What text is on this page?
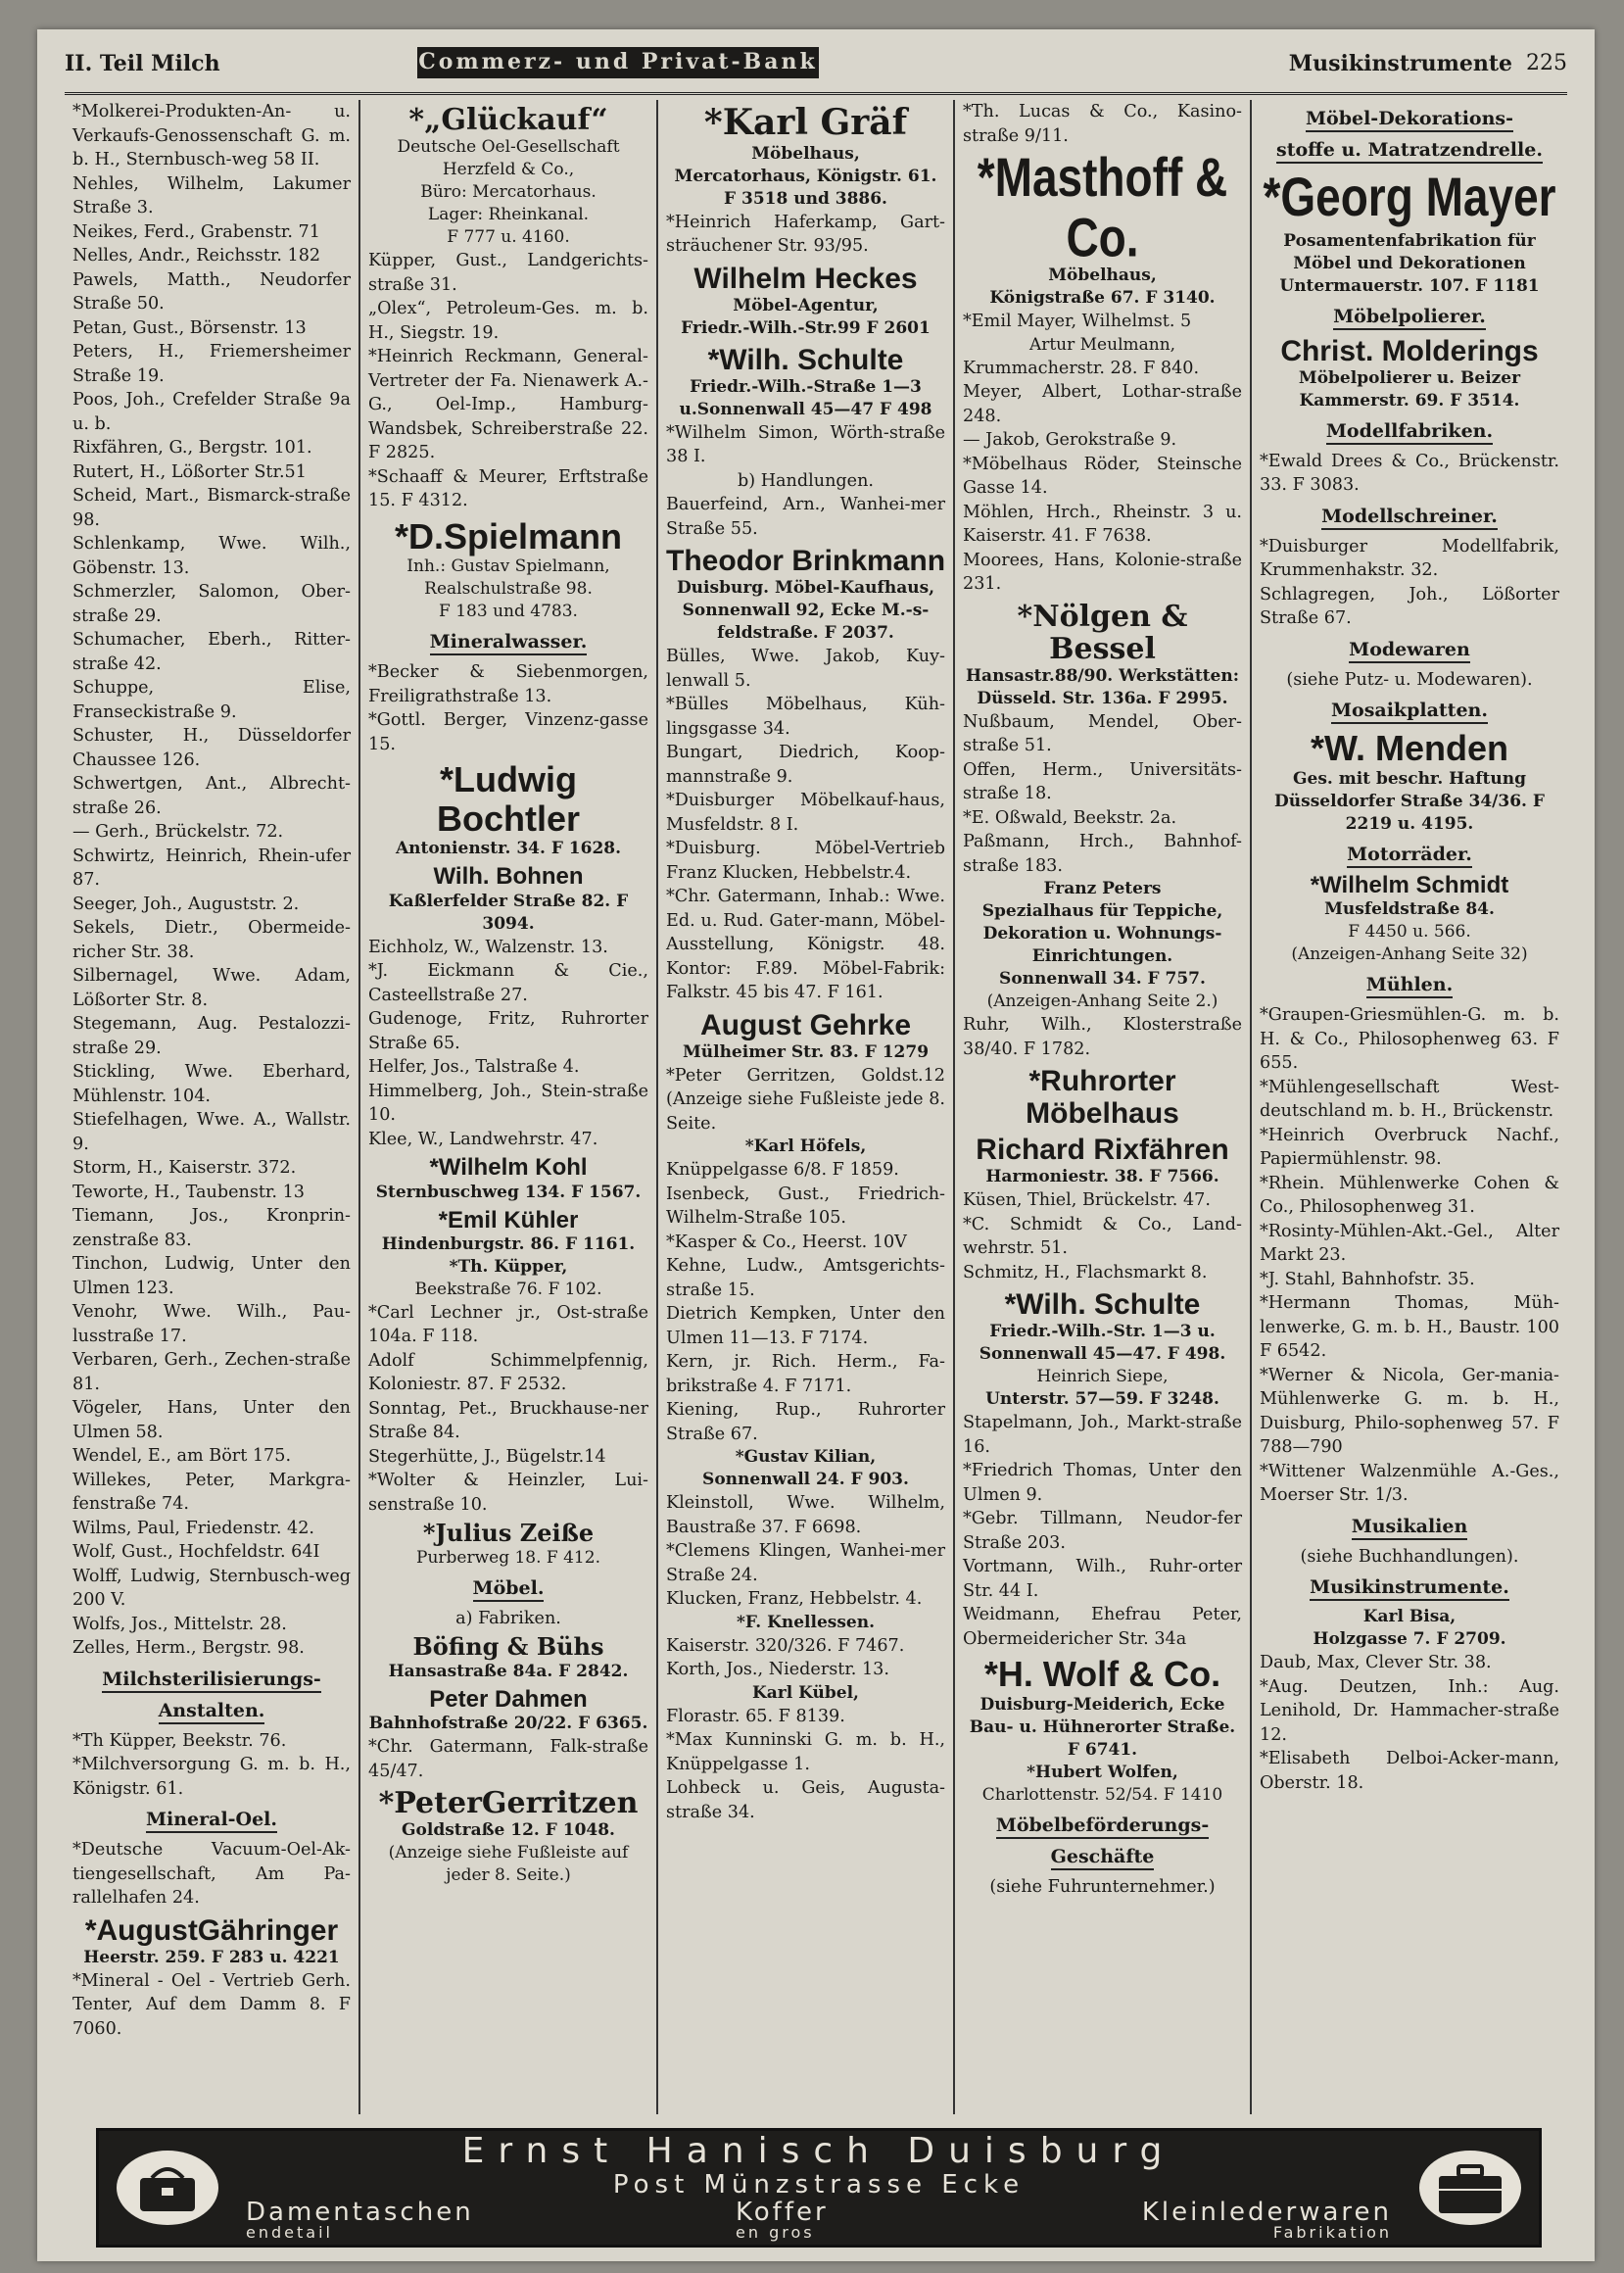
II. Teil Milch	Commerz- und Privat-Bank	Musikinstrumente 225

*Molkerei-Produkten-An- u. Verkaufs-Genossenschaft G. m. b. H., Sternbusch-weg 58 II.

Nehles, Wilhelm, Lakumer Straße 3.

Neikes, Ferd., Grabenstr. 71

Nelles, Andr., Reichsstr. 182

Pawels, Matth., Neudorfer Straße 50.

Petan, Gust., Börsenstr. 13

Peters, H., Friemersheimer Straße 19.

Poos, Joh., Crefelder Straße 9a u. b.

Rixfähren, G., Bergstr. 101.

Rutert, H., Lößorter Str.51

Scheid, Mart., Bismarck-straße 98.

Schlenkamp, Wwe. Wilh., Göbenstr. 13.

Schmerzler, Salomon, Ober-straße 29.

Schumacher, Eberh., Ritter-straße 42.

Schuppe, Elise, Franseckistraße 9.

Schuster, H., Düsseldorfer Chaussee 126.

Schwertgen, Ant., Albrecht-straße 26.

— Gerh., Brückelstr. 72.

Schwirtz, Heinrich, Rhein-ufer 87.

Seeger, Joh., Auguststr. 2.

Sekels, Dietr., Obermeide-richer Str. 38.

Silbernagel, Wwe. Adam, Lößorter Str. 8.

Stegemann, Aug. Pestalozzi-straße 29.

Stickling, Wwe. Eberhard, Mühlenstr. 104.

Stiefelhagen, Wwe. A., Wallstr. 9.

Storm, H., Kaiserstr. 372.

Teworte, H., Taubenstr. 13

Tiemann, Jos., Kronprin-zenstraße 83.

Tinchon, Ludwig, Unter den Ulmen 123.

Venohr, Wwe. Wilh., Pau-lusstraße 17.

Verbaren, Gerh., Zechen-straße 81.

Vögeler, Hans, Unter den Ulmen 58.

Wendel, E., am Bört 175.

Willekes, Peter, Markgra-fenstraße 74.

Wilms, Paul, Friedenstr. 42.

Wolf, Gust., Hochfeldstr. 64I

Wolff, Ludwig, Sternbusch-weg 200 V.

Wolfs, Jos., Mittelstr. 28.

Zelles, Herm., Bergstr. 98.

Milchsterilisierungs-
Anstalten.

*Th Küpper, Beekstr. 76.

*Milchversorgung G. m. b. H., Königstr. 61.

Mineral-Oel.

*Deutsche Vacuum-Oel-Ak-tiengesellschaft, Am Pa-rallelhafen 24.

*AugustGähringer

Heerstr. 259. F 283 u. 4221

*Mineral - Oel - Vertrieb Gerh. Tenter, Auf dem Damm 8. F 7060.

*„Glückauf“

Deutsche Oel-Gesellschaft

Herzfeld & Co.,

Büro: Mercatorhaus.

Lager: Rheinkanal.

F 777 u. 4160.

Küpper, Gust., Landgerichts-straße 31.

„Olex“, Petroleum-Ges. m. b. H., Siegstr. 19.

*Heinrich Reckmann, General-Vertreter der Fa. Nienawerk A.-G., Oel-Imp., Hamburg-Wandsbek, Schreiberstraße 22. F 2825.

*Schaaff & Meurer, Erftstraße 15. F 4312.

*D.Spielmann

Inh.: Gustav Spielmann, Realschulstraße 98.

F 183 und 4783.

Mineralwasser.

*Becker & Siebenmorgen, Freiligrathstraße 13.

*Gottl. Berger, Vinzenz-gasse 15.

*Ludwig Bochtler

Antonienstr. 34. F 1628.

Wilh. Bohnen

Kaßlerfelder Straße 82. F 3094.

Eichholz, W., Walzenstr. 13.

*J. Eickmann & Cie., Casteellstraße 27.

Gudenoge, Fritz, Ruhrorter Straße 65.

Helfer, Jos., Talstraße 4.

Himmelberg, Joh., Stein-straße 10.

Klee, W., Landwehrstr. 47.

*Wilhelm Kohl

Sternbuschweg 134. F 1567.

*Emil Kühler

Hindenburgstr. 86. F 1161.

*Th. Küpper,

Beekstraße 76. F 102.

*Carl Lechner jr., Ost-straße 104a. F 118.

Adolf Schimmelpfennig, Koloniestr. 87. F 2532.

Sonntag, Pet., Bruckhause-ner Straße 84.

Stegerhütte, J., Bügelstr.14

*Wolter & Heinzler, Lui-senstraße 10.

*Julius Zeiße

Purberweg 18. F 412.

Möbel.

a) Fabriken.

Böfing & Bühs

Hansastraße 84a. F 2842.

Peter Dahmen

Bahnhofstraße 20/22. F 6365.

*Chr. Gatermann, Falk-straße 45/47.

*PeterGerritzen

Goldstraße 12. F 1048.

(Anzeige siehe Fußleiste auf jeder 8. Seite.)

*Karl Gräf

Möbelhaus,

Mercatorhaus, Königstr. 61.

F 3518 und 3886.

*Heinrich Haferkamp, Gart-sträuchener Str. 93/95.

Wilhelm Heckes

Möbel-Agentur,

Friedr.-Wilh.-Str.99 F 2601

*Wilh. Schulte

Friedr.-Wilh.-Straße 1—3 u.Sonnenwall 45—47 F 498

*Wilhelm Simon, Wörth-straße 38 I.

b) Handlungen.

Bauerfeind, Arn., Wanhei-mer Straße 55.

Theodor Brinkmann

Duisburg. Möbel-Kaufhaus, Sonnenwall 92, Ecke M.-s-feldstraße. F 2037.

Bülles, Wwe. Jakob, Kuy-lenwall 5.

*Bülles Möbelhaus, Küh-lingsgasse 34.

Bungart, Diedrich, Koop-mannstraße 9.

*Duisburger Möbelkauf-haus, Musfeldstr. 8 I.

*Duisburg. Möbel-Vertrieb Franz Klucken, Hebbelstr.4.

*Chr. Gatermann, Inhab.: Wwe. Ed. u. Rud. Gater-mann, Möbel-Ausstellung, Königstr. 48. Kontor: F.89. Möbel-Fabrik: Falkstr. 45 bis 47. F 161.

August Gehrke

Mülheimer Str. 83. F 1279

*Peter Gerritzen, Goldst.12 (Anzeige siehe Fußleiste jede 8. Seite.

*Karl Höfels,

Knüppelgasse 6/8. F 1859.

Isenbeck, Gust., Friedrich-Wilhelm-Straße 105.

*Kasper & Co., Heerst. 10V

Kehne, Ludw., Amtsgerichts-straße 15.

Dietrich Kempken, Unter den Ulmen 11—13. F 7174.

Kern, jr. Rich. Herm., Fa-brikstraße 4. F 7171.

Kiening, Rup., Ruhrorter Straße 67.

*Gustav Kilian,

Sonnenwall 24. F 903.

Kleinstoll, Wwe. Wilhelm, Baustraße 37. F 6698.

*Clemens Klingen, Wanhei-mer Straße 24.

Klucken, Franz, Hebbelstr. 4.

*F. Knellessen.

Kaiserstr. 320/326. F 7467.

Korth, Jos., Niederstr. 13.

Karl Kübel,

Florastr. 65. F 8139.

*Max Kunninski G. m. b. H., Knüppelgasse 1.

Lohbeck u. Geis, Augusta-straße 34.

*Th. Lucas & Co., Kasino-straße 9/11.

*Masthoff & Co.

Möbelhaus,

Königstraße 67. F 3140.

*Emil Mayer, Wilhelmst. 5

Artur Meulmann,

Krummacherstr. 28. F 840.

Meyer, Albert, Lothar-straße 248.

— Jakob, Gerokstraße 9.

*Möbelhaus Röder, Steinsche Gasse 14.

Möhlen, Hrch., Rheinstr. 3 u. Kaiserstr. 41. F 7638.

Moorees, Hans, Kolonie-straße 231.

*Nölgen & Bessel

Hansastr.88/90. Werkstätten: Düsseld. Str. 136a. F 2995.

Nußbaum, Mendel, Ober-straße 51.

Offen, Herm., Universitäts-straße 18.

*E. Oßwald, Beekstr. 2a.

Paßmann, Hrch., Bahnhof-straße 183.

Franz Peters

Spezialhaus für Teppiche, Dekoration u. Wohnungs-Einrichtungen.

Sonnenwall 34. F 757.

(Anzeigen-Anhang Seite 2.)

Ruhr, Wilh., Klosterstraße 38/40. F 1782.

*Ruhrorter Möbelhaus
Richard Rixfähren

Harmoniestr. 38. F 7566.

Küsen, Thiel, Brückelstr. 47.

*C. Schmidt & Co., Land-wehrstr. 51.

Schmitz, H., Flachsmarkt 8.

*Wilh. Schulte

Friedr.-Wilh.-Str. 1—3 u. Sonnenwall 45—47. F 498.

Heinrich Siepe,

Unterstr. 57—59. F 3248.

Stapelmann, Joh., Markt-straße 16.

*Friedrich Thomas, Unter den Ulmen 9.

*Gebr. Tillmann, Neudor-fer Straße 203.

Vortmann, Wilh., Ruhr-orter Str. 44 I.

Weidmann, Ehefrau Peter, Obermeidericher Str. 34a

*H. Wolf & Co.

Duisburg-Meiderich, Ecke Bau- u. Hühnerorter Straße. F 6741.

*Hubert Wolfen,

Charlottenstr. 52/54. F 1410

Möbelbeförderungs-
Geschäfte

(siehe Fuhrunternehmer.)

Möbel-Dekorations-
stoffe u. Matratzendrelle.
*Georg Mayer

Posamentenfabrikation für Möbel und Dekorationen

Untermauerstr. 107. F 1181

Möbelpolierer.
Christ. Molderings

Möbelpolierer u. Beizer

Kammerstr. 69. F 3514.

Modellfabriken.

*Ewald Drees & Co., Brückenstr. 33. F 3083.

Modellschreiner.

*Duisburger Modellfabrik, Krummenhakstr. 32.

Schlagregen, Joh., Lößorter Straße 67.

Modewaren

(siehe Putz- u. Modewaren).

Mosaikplatten.
*W. Menden

Ges. mit beschr. Haftung Düsseldorfer Straße 34/36. F 2219 u. 4195.

Motorräder.
*Wilhelm Schmidt

Musfeldstraße 84.

F 4450 u. 566.

(Anzeigen-Anhang Seite 32)

Mühlen.

*Graupen-Griesmühlen-G. m. b. H. & Co., Philosophenweg 63. F 655.

*Mühlengesellschaft West-deutschland m. b. H., Brückenstr.

*Heinrich Overbruck Nachf., Papiermühlenstr. 98.

*Rhein. Mühlenwerke Cohen & Co., Philosophenweg 31.

*Rosinty-Mühlen-Akt.-Gel., Alter Markt 23.

*J. Stahl, Bahnhofstr. 35.

*Hermann Thomas, Müh-lenwerke, G. m. b. H., Baustr. 100 F 6542.

*Werner & Nicola, Ger-mania-Mühlenwerke G. m. b. H., Duisburg, Philo-sophenweg 57. F 788—790

*Wittener Walzenmühle A.-Ges., Moerser Str. 1/3.

Musikalien

(siehe Buchhandlungen).

Musikinstrumente.

Karl Bisa,

Holzgasse 7. F 2709.

Daub, Max, Clever Str. 38.

*Aug. Deutzen, Inh.: Aug. Lenihold, Dr. Hammacher-straße 12.

*Elisabeth Delboi-Acker-mann, Oberstr. 18.

Ernst Hanisch Duisburg
Post Münzstrasse Ecke
Damentaschen	Koffer	Kleinlederwaren
endetail	en gros	Fabrikation
